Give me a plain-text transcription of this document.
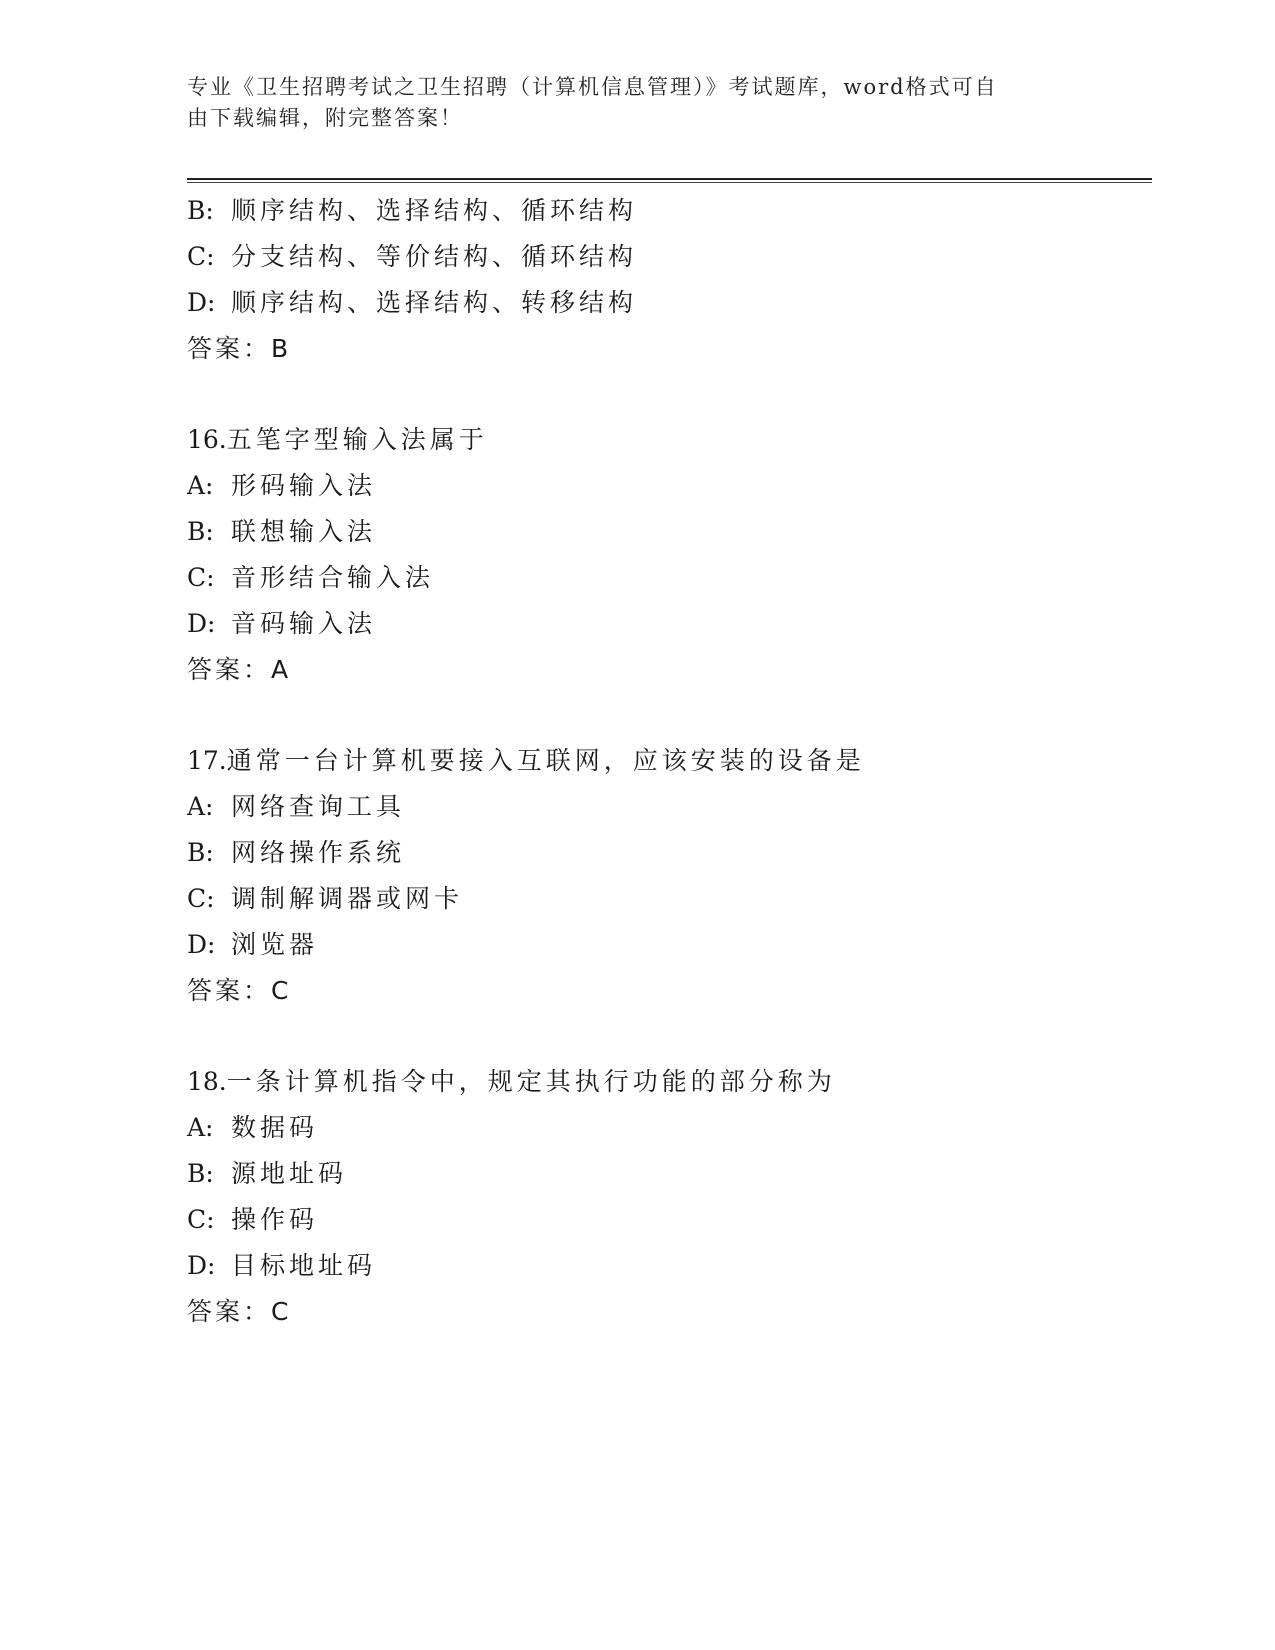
专业《卫生招聘考试之卫生招聘（计算机信息管理）》考试题库，word格式可自
由下载编辑，附完整答案！
B: 顺序结构、选择结构、循环结构
C: 分支结构、等价结构、循环结构
D: 顺序结构、选择结构、转移结构
答案：B
16.五笔字型输入法属于
A: 形码输入法
B: 联想输入法
C: 音形结合输入法
D: 音码输入法
答案：A
17.通常一台计算机要接入互联网，应该安装的设备是
A: 网络查询工具
B: 网络操作系统
C: 调制解调器或网卡
D: 浏览器
答案：C
18.一条计算机指令中，规定其执行功能的部分称为
A: 数据码
B: 源地址码
C: 操作码
D: 目标地址码
答案：C
